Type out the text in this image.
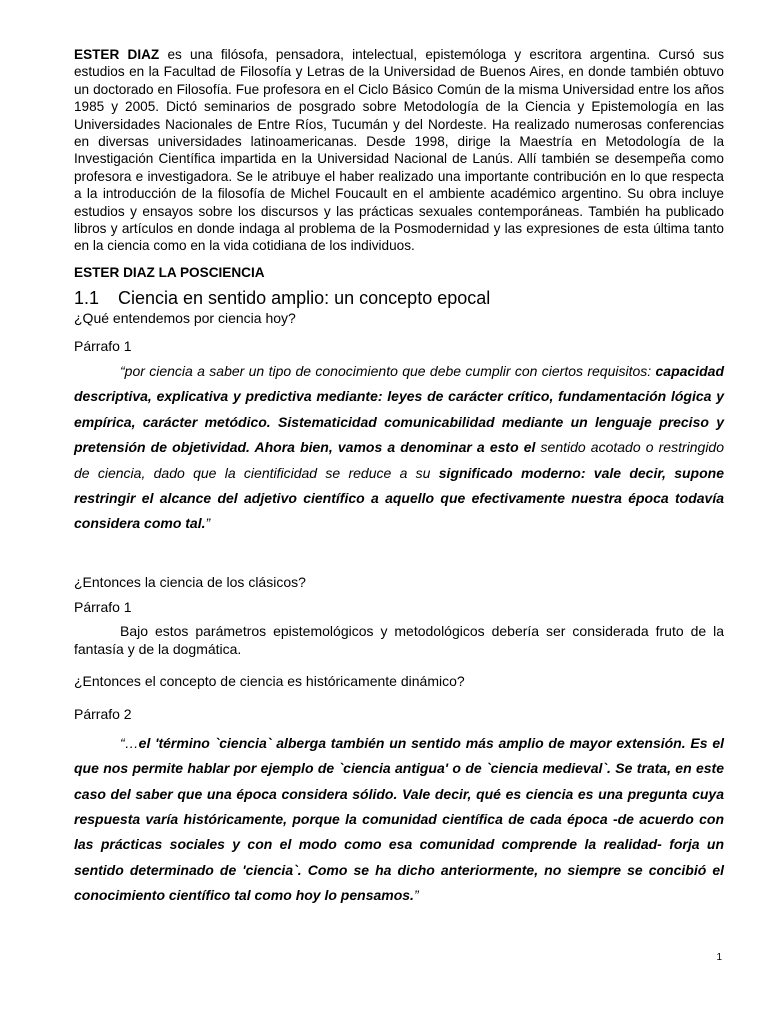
ESTER DIAZ es una filósofa, pensadora, intelectual, epistemóloga y escritora argentina. Cursó sus estudios en la Facultad de Filosofía y Letras de la Universidad de Buenos Aires, en donde también obtuvo un doctorado en Filosofía. Fue profesora en el Ciclo Básico Común de la misma Universidad entre los años 1985 y 2005. Dictó seminarios de posgrado sobre Metodología de la Ciencia y Epistemología en las Universidades Nacionales de Entre Ríos, Tucumán y del Nordeste. Ha realizado numerosas conferencias en diversas universidades latinoamericanas. Desde 1998, dirige la Maestría en Metodología de la Investigación Científica impartida en la Universidad Nacional de Lanús. Allí también se desempeña como profesora e investigadora. Se le atribuye el haber realizado una importante contribución en lo que respecta a la introducción de la filosofía de Michel Foucault en el ambiente académico argentino. Su obra incluye estudios y ensayos sobre los discursos y las prácticas sexuales contemporáneas. También ha publicado libros y artículos en donde indaga al problema de la Posmodernidad y las expresiones de esta última tanto en la ciencia como en la vida cotidiana de los individuos.

ESTER DIAZ LA POSCIENCIA

1.1 Ciencia en sentido amplio: un concepto epocal

¿Qué entendemos por ciencia hoy?

Párrafo 1

“por ciencia a saber un tipo de conocimiento que debe cumplir con ciertos requisitos: capacidad descriptiva, explicativa y predictiva mediante: leyes de carácter crítico, fundamentación lógica y empírica, carácter metódico. Sistematicidad comunicabilidad mediante un lenguaje preciso y pretensión de objetividad. Ahora bien, vamos a denominar a esto el sentido acotado o restringido de ciencia, dado que la cientificidad se reduce a su significado moderno: vale decir, supone restringir el alcance del adjetivo científico a aquello que efectivamente nuestra época todavía considera como tal.”

¿Entonces la ciencia de los clásicos?

Párrafo 1

Bajo estos parámetros epistemológicos y metodológicos debería ser considerada fruto de la fantasía y de la dogmática.

¿Entonces el concepto de ciencia es históricamente dinámico?

Párrafo 2

“…el 'término `ciencia` alberga también un sentido más amplio de mayor extensión. Es el que nos permite hablar por ejemplo de `ciencia antigua' o de `ciencia medieval`. Se trata, en este caso del saber que una época considera sólido. Vale decir, qué es ciencia es una pregunta cuya respuesta varía históricamente, porque la comunidad científica de cada época -de acuerdo con las prácticas sociales y con el modo como esa comunidad comprende la realidad- forja un sentido determinado de 'ciencia`. Como se ha dicho anteriormente, no siempre se concibió el conocimiento científico tal como hoy lo pensamos.”

1
